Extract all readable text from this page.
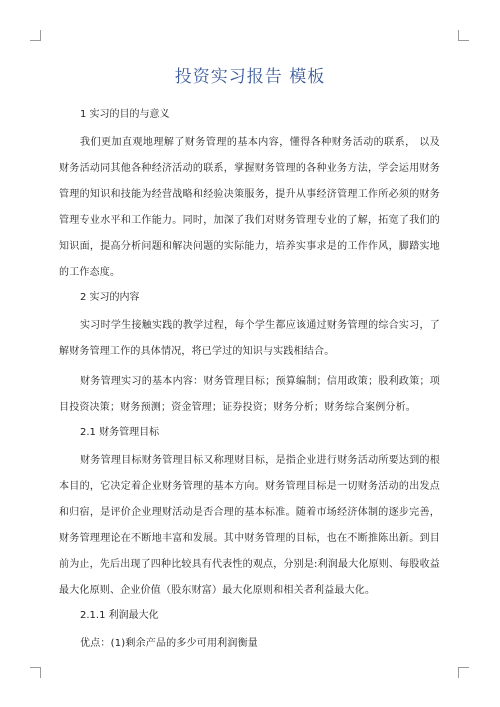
投资实习报告 模板
1 实习的目的与意义

我们更加直观地理解了财务管理的基本内容，懂得各种财务活动的联系， 以及财务活动同其他各种经济活动的联系，掌握财务管理的各种业务方法，学会运用财务管理的知识和技能为经营战略和经验决策服务，提升从事经济管理工作所必须的财务管理专业水平和工作能力。同时，加深了我们对财务管理专业的了解，拓宽了我们的知识面，提高分析问题和解决问题的实际能力，培养实事求是的工作作风，脚踏实地的工作态度。

2 实习的内容

实习时学生接触实践的教学过程，每个学生都应该通过财务管理的综合实习，了解财务管理工作的具体情况，将已学过的知识与实践相结合。

财务管理实习的基本内容：财务管理目标；预算编制；信用政策；股利政策；项目投资决策；财务预测；资金管理；证券投资；财务分析；财务综合案例分析。

2.1 财务管理目标

财务管理目标财务管理目标又称理财目标，是指企业进行财务活动所要达到的根本目的，它决定着企业财务管理的基本方向。财务管理目标是一切财务活动的出发点和归宿，是评价企业理财活动是否合理的基本标准。随着市场经济体制的逐步完善，财务管理理论在不断地丰富和发展。其中财务管理的目标，也在不断推陈出新。到目前为止，先后出现了四种比较具有代表性的观点，分别是:利润最大化原则、每股收益最大化原则、企业价值（股东财富）最大化原则和相关者利益最大化。

2.1.1 利润最大化

优点：(1)剩余产品的多少可用利润衡量
